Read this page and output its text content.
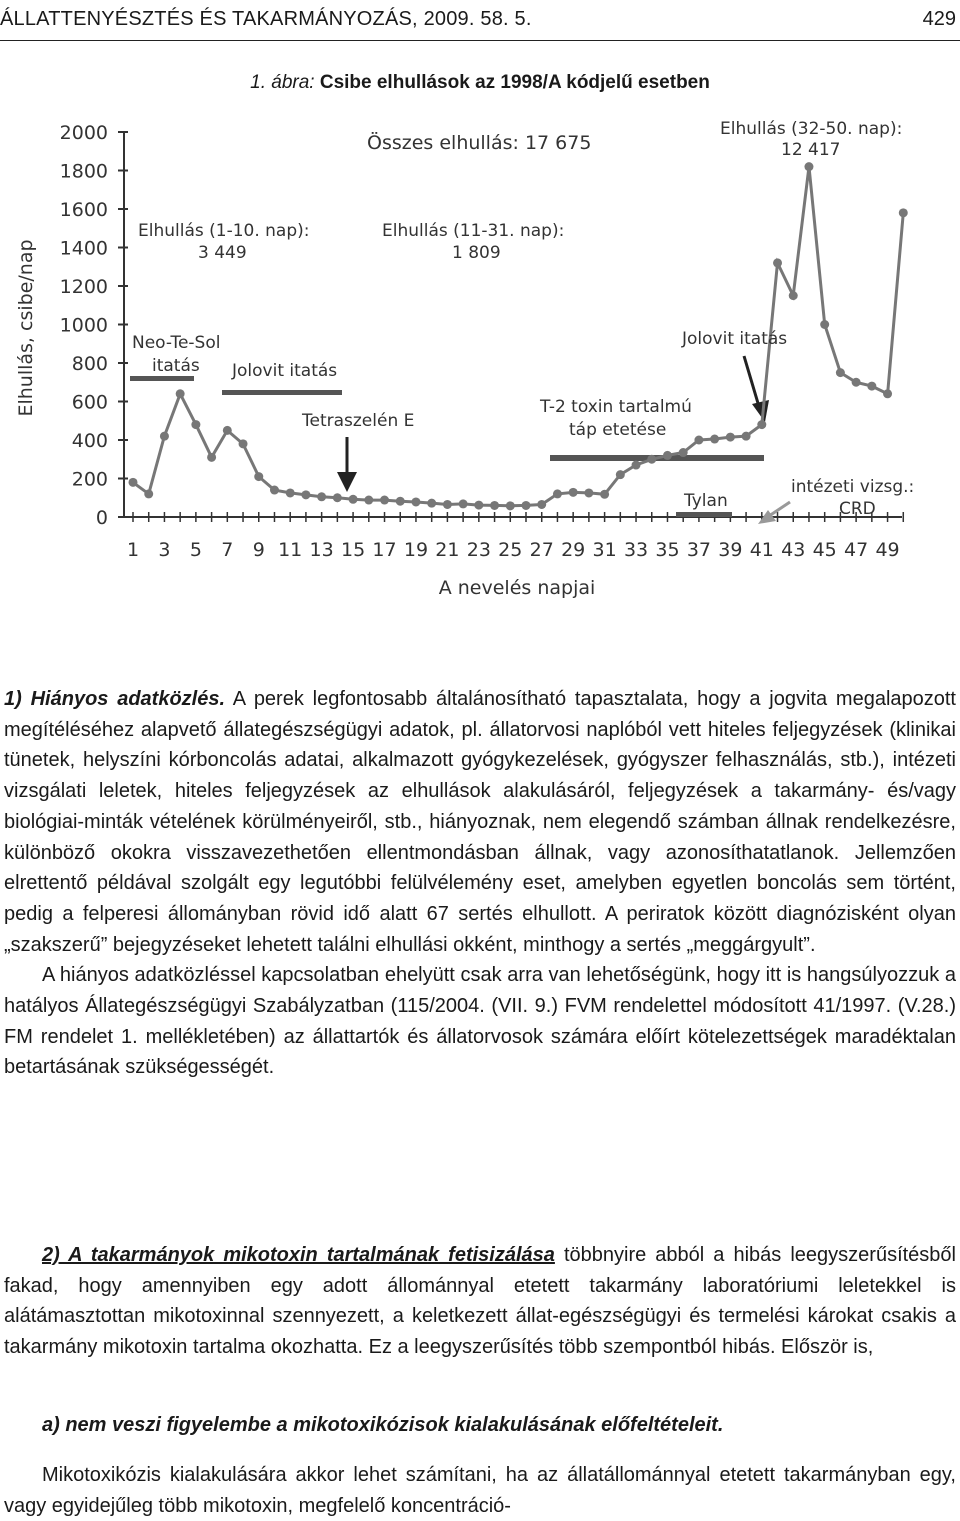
ÁLLATTENYÉSZTÉS ÉS TAKARMÁNYOZÁS, 2009. 58. 5.	429
1. ábra: Csibe elhullások az 1998/A kódjelű esetben
0
200
400
600
800
1000
1200
1400
1600
1800
2000
1 3 5 7 9 11 13 15 17 19 21 23 25 27 29 31 33 35 37 39 41 43 45 47 49
A nevelés napjai
Elhullás, csibe/nap
Összes elhullás: 17 675
Elhullás (1-10. nap):
3 449
Elhullás (11-31. nap):
1 809
Elhullás (32-50. nap):
12 417
Neo-Te-Sol
itatás Jolovit itatás
Tetraszelén E
T-2 toxin tartalmú
táp etetése
Jolovit itatás
Tylan
intézeti vizsg.:
CRD

1) Hiányos adatközlés. A perek legfontosabb általánosítható tapasztalata, hogy a jogvita megalapozott megítéléséhez alapvető állategészségügyi adatok, pl. állatorvosi naplóból vett hiteles feljegyzések (klinikai tünetek, helyszíni kórboncolás adatai, alkalmazott gyógykezelések, gyógyszer felhasználás, stb.), intézeti vizsgálati leletek, hiteles feljegyzések az elhullások alakulásáról, feljegyzések a takarmány- és/vagy biológiai-minták vételének körülményeiről, stb., hiányoznak, nem elegendő számban állnak rendelkezésre, különböző okokra visszavezethetően ellentmondásban állnak, vagy azonosíthatatlanok. Jellemzően elrettentő példával szolgált egy legutóbbi felülvélemény eset, amelyben egyetlen boncolás sem történt, pedig a felperesi állományban rövid idő alatt 67 sertés elhullott. A periratok között diagnózisként olyan „szakszerű” bejegyzéseket lehetett találni elhullási okként, minthogy a sertés „meggárgyult”.

A hiányos adatközléssel kapcsolatban ehelyütt csak arra van lehetőségünk, hogy itt is hangsúlyozzuk a hatályos Állategészségügyi Szabályzatban (115/2004. (VII. 9.) FVM rendelettel módosított 41/1997. (V.28.) FM rendelet 1. mellékletében) az állattartók és állatorvosok számára előírt kötelezettségek maradéktalan betartásának szükségességét.

2) A takarmányok mikotoxin tartalmának fetisizálása többnyire abból a hibás leegyszerűsítésből fakad, hogy amennyiben egy adott állománnyal etetett takarmány laboratóriumi leletekkel is alátámasztottan mikotoxinnal szennyezett, a keletkezett állat-egészségügyi és termelési károkat csakis a takarmány mikotoxin tartalma okozhatta. Ez a leegyszerűsítés több szempontból hibás. Először is,

a) nem veszi figyelembe a mikotoxikózisok kialakulásának előfeltételeit.

Mikotoxikózis kialakulására akkor lehet számítani, ha az állatállománnyal etetett takarmányban egy, vagy egyidejűleg több mikotoxin, megfelelő koncentráció-
